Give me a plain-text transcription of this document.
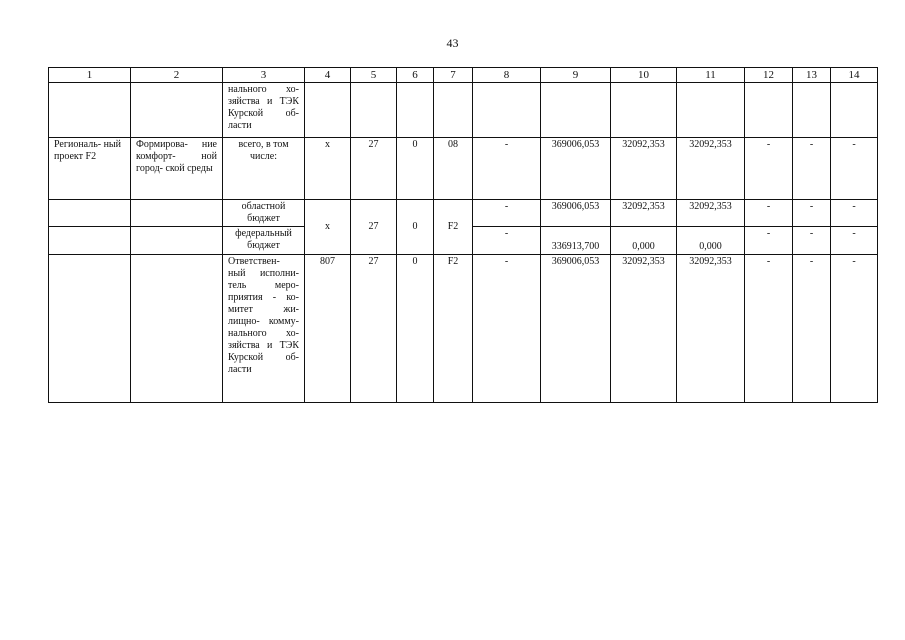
43
1	2	3	4	5	6	7	8	9	10	11	12	13	14
		нального хо- зяйства и ТЭК Курской об- ласти											
Региональ- ный проект F2	Формирова- ние комфорт- ной город- ской среды	всего, в том числе:	х	27	0	08	-	369006,053	32092,353	32092,353	-	-	-
		областной бюджет	х	27	0	F2	-	369006,053	32092,353	32092,353	-	-	-
		федеральный бюджет					-	336913,700	0,000	0,000	-	-	-
		Ответствен- ный исполни- тель меро- приятия - ко- митет жи- лищно- комму- нального хо- зяйства и ТЭК Курской об- ласти	807	27	0	F2	-	369006,053	32092,353	32092,353	-	-	-
